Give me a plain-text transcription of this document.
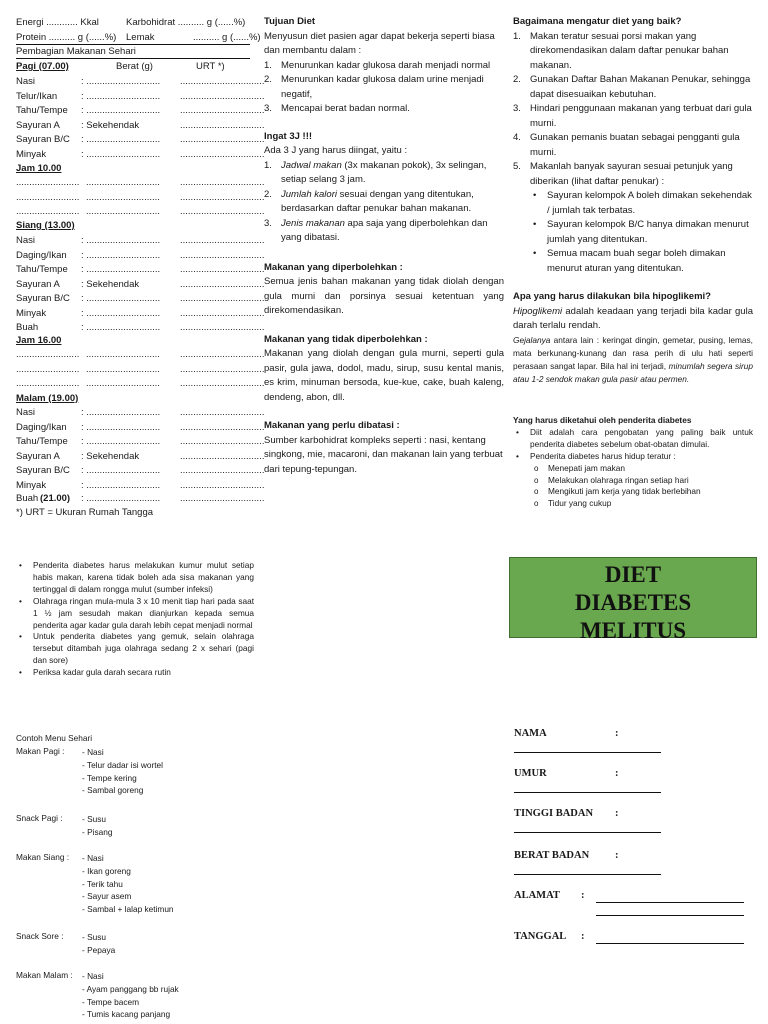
Energi ............ Kkal	Karbohidrat .......... g (......%)
Protein .......... g (......%) Lemak	.......... g (......%)
Pembagian Makanan Sehari
Pagi (07.00)	Berat (g)	URT *)
Nasi	: ............................ ................................
Telur/Ikan	: ............................ ................................
Tahu/Tempe : ............................ ................................
Sayuran A : Sekehendak	................................
Sayuran B/C : ............................ ................................
Minyak	: ............................ ................................
Jam 10.00
........................ ............................ ................................
........................ ............................ ................................
........................ ............................ ................................
Siang (13.00)
Nasi	: ............................ ................................
Daging/Ikan : ............................ ................................
Tahu/Tempe : ............................ ................................
Sayuran A : Sekehendak	................................
Sayuran B/C : ............................ ................................
Minyak	: ............................ ................................
Buah	: ............................ ................................
Jam 16.00
........................ ............................ ................................
........................ ............................ ................................
........................ ............................ ................................
Malam (19.00)
Nasi	: ............................ ................................
Daging/Ikan : ............................ ................................
Tahu/Tempe : ............................ ................................
Sayuran A : Sekehendak	................................
Sayuran B/C : ............................ ................................
Minyak	: ............................ ................................
Buah (21.00) : ............................ ................................
*) URT = Ukuran Rumah Tangga
Tujuan Diet
Menyusun diet pasien agar dapat bekerja seperti biasa dan membantu dalam :
1. Menurunkan kadar glukosa darah menjadi normal
2. Menurunkan kadar glukosa dalam urine menjadi negatif,
3. Mencapai berat badan normal.
Ingat 3J !!!
Ada 3 J yang harus diingat, yaitu :
1. Jadwal makan (3x makanan pokok), 3x selingan, setiap selang 3 jam.
2. Jumlah kalori sesuai dengan yang ditentukan, berdasarkan daftar penukar bahan makanan.
3. Jenis makanan apa saja yang diperbolehkan dan yang dibatasi.
Makanan yang diperbolehkan :
Semua jenis bahan makanan yang tidak diolah dengan gula murni dan porsinya sesuai ketentuan yang direkomendasikan.
Makanan yang tidak diperbolehkan :
Makanan yang diolah dengan gula murni, seperti gula pasir, gula jawa, dodol, madu, sirup, susu kental manis, es krim, minuman bersoda, kue-kue, cake, buah kaleng, dendeng, abon, dll.
Makanan yang perlu dibatasi :
Sumber karbohidrat kompleks seperti : nasi, kentang singkong, mie, macaroni, dan makanan lain yang terbuat dari tepung-tepungan.
Bagaimana mengatur diet yang baik?
1. Makan teratur sesuai porsi makan yang direkomendasikan dalam daftar penukar bahan makanan.
2. Gunakan Daftar Bahan Makanan Penukar, sehingga dapat disesuaikan kebutuhan.
3. Hindari penggunaan makanan yang terbuat dari gula murni.
4. Gunakan pemanis buatan sebagai pengganti gula murni.
5. Makanlah banyak sayuran sesuai petunjuk yang diberikan (lihat daftar penukar) :
• Sayuran kelompok A boleh dimakan sekehendak / jumlah tak terbatas.
• Sayuran kelompok B/C hanya dimakan menurut jumlah yang ditentukan.
• Semua macam buah segar boleh dimakan menurut aturan yang ditentukan.
Apa yang harus dilakukan bila hipoglikemi?
Hipoglikemi adalah keadaan yang terjadi bila kadar gula darah terlalu rendah.
Gejalanya antara lain : keringat dingin, gemetar, pusing, lemas, mata berkunang-kunang dan rasa perih di ulu hati seperti perasaan sangat lapar. Bila hal ini terjadi, minumlah segera sirup atau 1-2 sendok makan gula pasir atau permen.
Yang harus diketahui oleh penderita diabetes
• Diit adalah cara pengobatan yang paling baik untuk penderita diabetes sebelum obat-obatan dimulai.
• Penderita diabetes harus hidup teratur :
o Menepati jam makan
o Melakukan olahraga ringan setiap hari
o Mengikuti jam kerja yang tidak berlebihan
o Tidur yang cukup
• Penderita diabetes harus melakukan kumur mulut setiap habis makan, karena tidak boleh ada sisa makanan yang tertinggal di dalam rongga mulut (sumber infeksi)
• Olahraga ringan mula-mula 3 x 10 menit tiap hari pada saat 1 ½ jam sesudah makan dianjurkan kepada semua penderita agar kadar gula darah lebih cepat menjadi normal
• Untuk penderita diabetes yang gemuk, selain olahraga tersebut ditambah juga olahraga sedang 2 x sehari (pagi dan sore)
• Periksa kadar gula darah secara rutin
Contoh Menu Sehari
Makan Pagi : - Nasi
- Telur dadar isi wortel
- Tempe kering
- Sambal goreng
Snack Pagi : - Susu
- Pisang
Makan Siang : - Nasi
- Ikan goreng
- Terik tahu
- Sayur asem
- Sambal + lalap ketimun
Snack Sore : - Susu
- Pepaya
Makan Malam : - Nasi
- Ayam panggang bb rujak
- Tempe bacem
- Tumis kacang panjang
DIET
DIABETES
MELITUS
NAMA	:
UMUR	:
TINGGI BADAN :
BERAT BADAN :
ALAMAT :
TANGGAL :
